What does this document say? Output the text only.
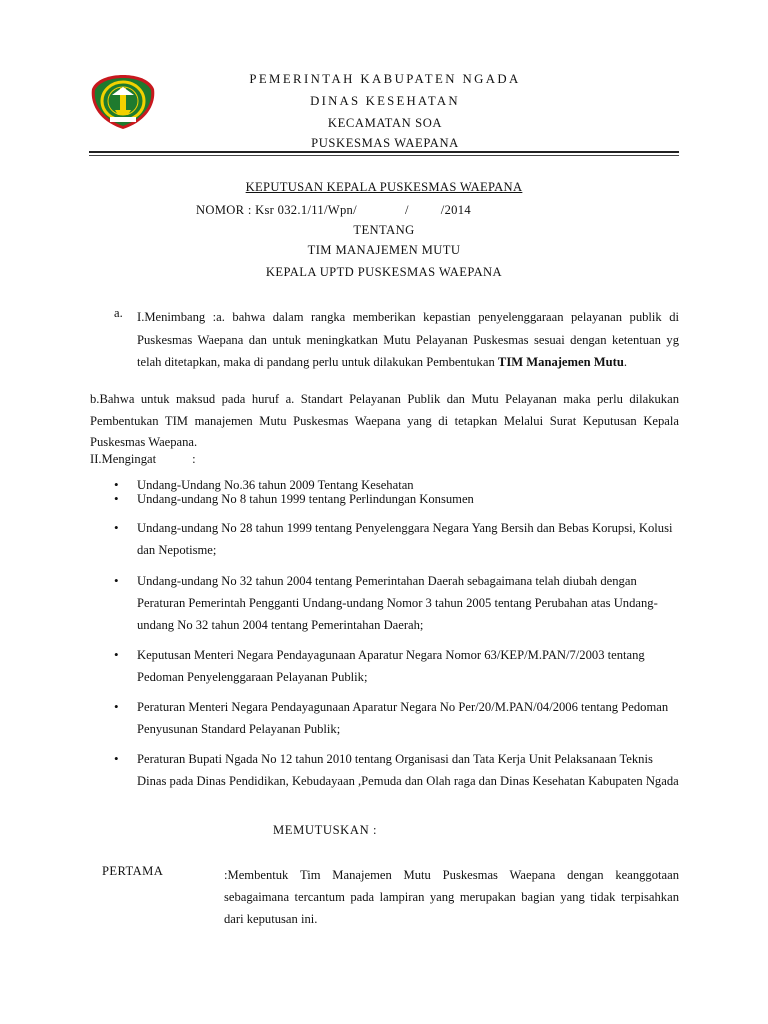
PEMERINTAH KABUPATEN NGADA
DINAS KESEHATAN
KECAMATAN SOA
PUSKESMAS WAEPANA
KEPUTUSAN KEPALA PUSKESMAS WAEPANA
NOMOR : Ksr 032.1/11/Wpn/	/	/2014
TENTANG
TIM MANAJEMEN MUTU
KEPALA UPTD PUSKESMAS WAEPANA
a. I.Menimbang :a. bahwa dalam rangka memberikan kepastian penyelenggaraan pelayanan publik di Puskesmas Waepana dan untuk meningkatkan Mutu Pelayanan Puskesmas sesuai dengan ketentuan yg telah ditetapkan, maka di pandang perlu untuk dilakukan Pembentukan TIM Manajemen Mutu.
b.Bahwa untuk maksud pada huruf a. Standart Pelayanan Publik dan Mutu Pelayanan maka perlu dilakukan Pembentukan TIM manajemen Mutu Puskesmas Waepana yang di tetapkan Melalui Surat Keputusan Kepala Puskesmas Waepana.
II.Mengingat	:
• Undang-Undang No.36 tahun 2009 Tentang Kesehatan
• Undang-undang No 8 tahun 1999 tentang Perlindungan Konsumen
• Undang-undang No 28 tahun 1999 tentang Penyelenggara Negara Yang Bersih dan Bebas Korupsi, Kolusi dan Nepotisme;
• Undang-undang No 32 tahun 2004 tentang Pemerintahan Daerah sebagaimana telah diubah dengan Peraturan Pemerintah Pengganti Undang-undang Nomor 3 tahun 2005 tentang Perubahan atas Undang-undang No 32 tahun 2004 tentang Pemerintahan Daerah;
• Keputusan Menteri Negara Pendayagunaan Aparatur Negara Nomor 63/KEP/M.PAN/7/2003 tentang Pedoman Penyelenggaraan Pelayanan Publik;
• Peraturan Menteri Negara Pendayagunaan Aparatur Negara No Per/20/M.PAN/04/2006 tentang Pedoman Penyusunan Standard Pelayanan Publik;
• Peraturan Bupati Ngada No 12 tahun 2010 tentang Organisasi dan Tata Kerja Unit Pelaksanaan Teknis Dinas pada Dinas Pendidikan, Kebudayaan ,Pemuda dan Olah raga dan Dinas Kesehatan Kabupaten Ngada
MEMUTUSKAN :
PERTAMA	:Membentuk Tim Manajemen Mutu Puskesmas Waepana dengan keanggotaan sebagaimana tercantum pada lampiran yang merupakan bagian yang tidak terpisahkan dari keputusan ini.
